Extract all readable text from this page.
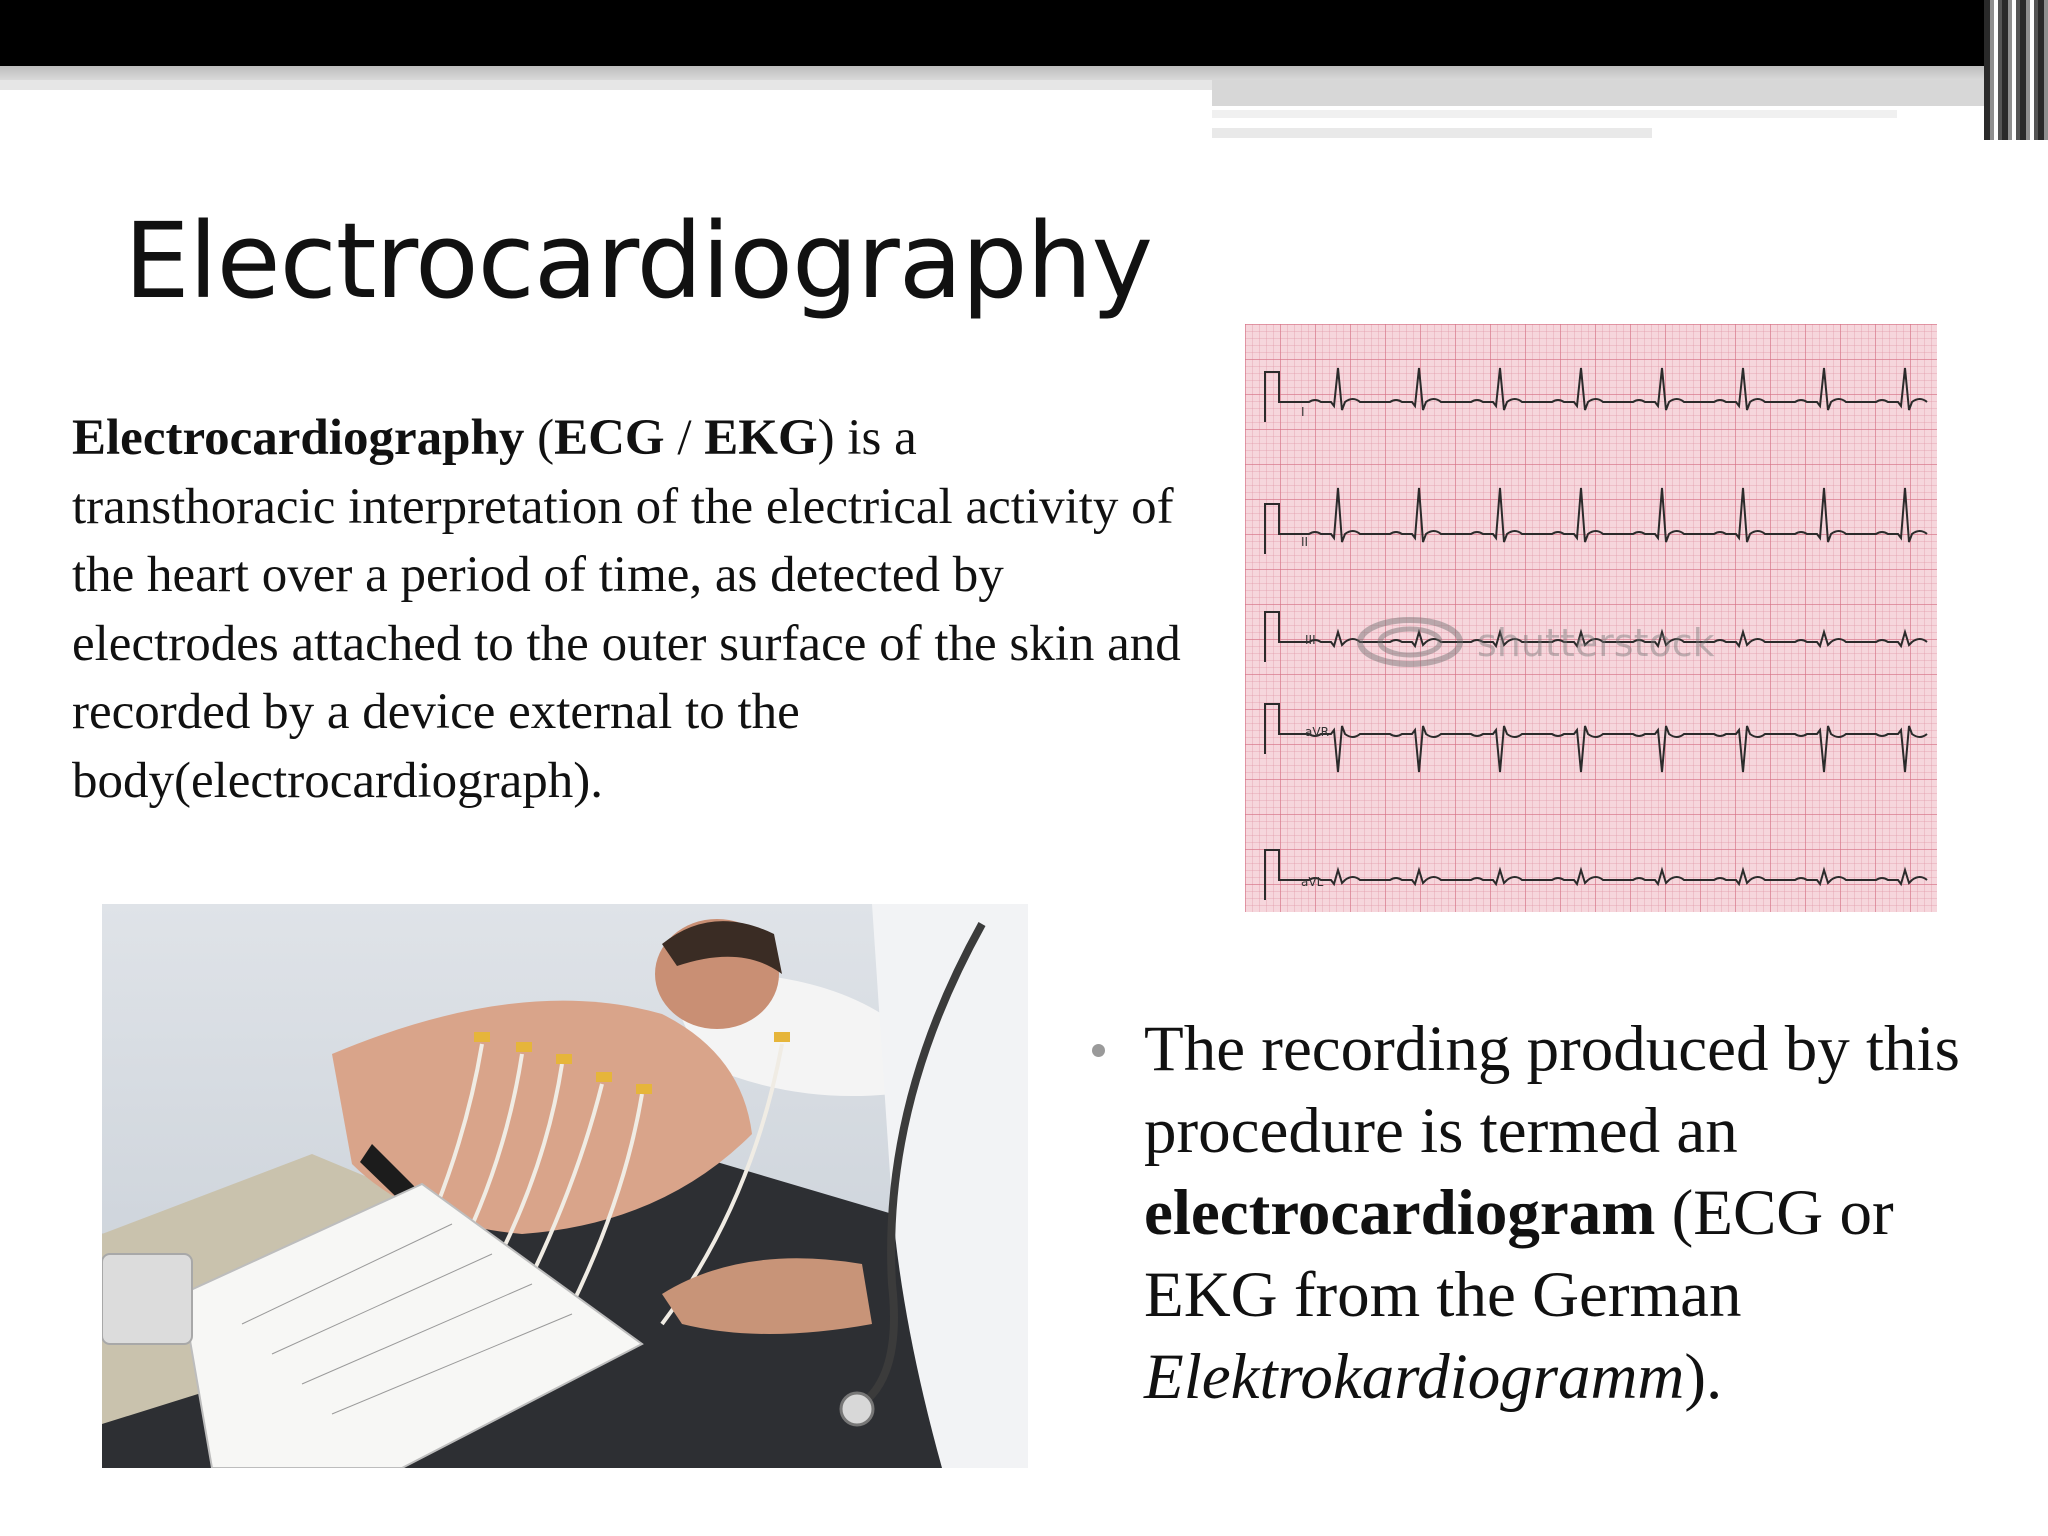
Electrocardiography

Electrocardiography (ECG / EKG) is a transthoracic interpretation of the electrical activity of the heart over a period of time, as detected by electrodes attached to the outer surface of the skin and recorded by a device external to the body(electrocardiograph).

I
II
III
aVR
aVL
shutterstock

The recording produced by this procedure is termed an electrocardiogram (ECG or EKG from the German Elektrokardiogramm).
